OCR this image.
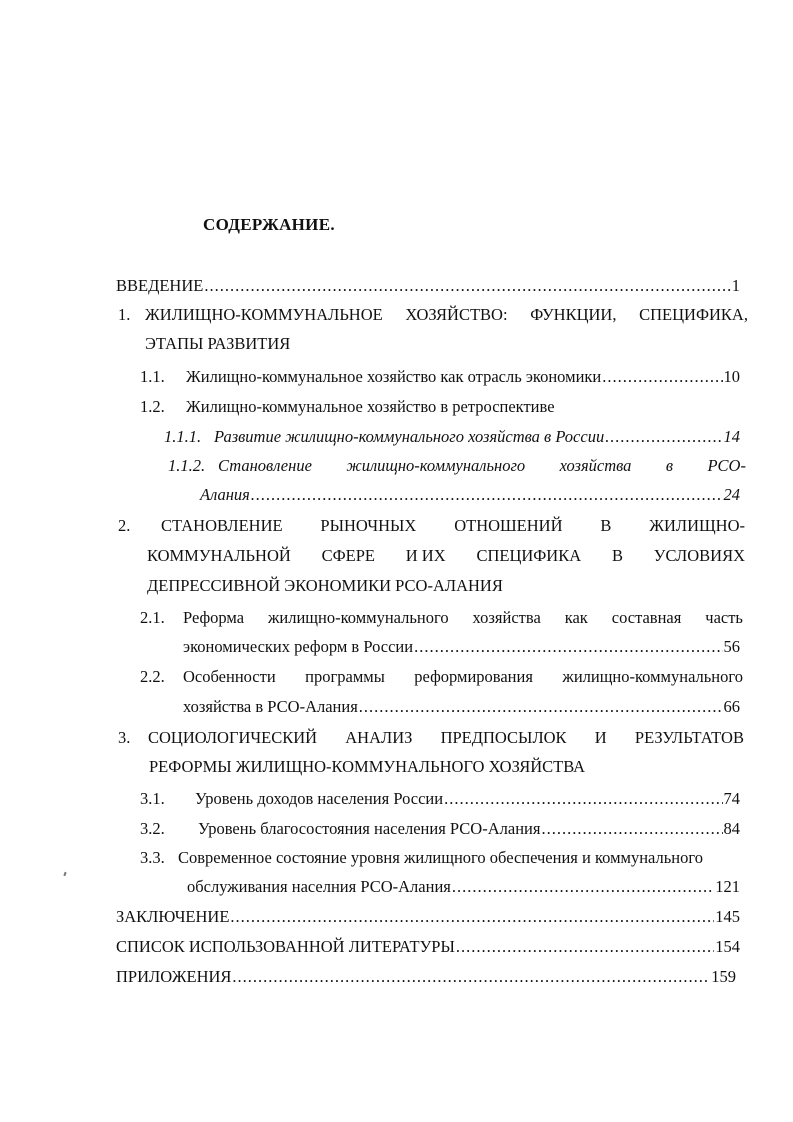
СОДЕРЖАНИЕ.
ВВЕДЕНИЕ .....	1
1. ЖИЛИЩНО-КОММУНАЛЬНОЕ ХОЗЯЙСТВО: ФУНКЦИИ, СПЕЦИФИКА,
ЭТАПЫ РАЗВИТИЯ
1.1.	Жилищно-коммунальное хозяйство как отрасль экономики .....	10
1.2.	Жилищно-коммунальное хозяйство в ретроспективе
1.1.1. Развитие жилищно-коммунального хозяйства в России .....	14
1.1.2. Становление жилищно-коммунального хозяйства в РСО-
Алания .....	24
2.	СТАНОВЛЕНИЕ РЫНОЧНЫХ ОТНОШЕНИЙ В ЖИЛИЩНО-
КОММУНАЛЬНОЙ СФЕРЕ И ИХ СПЕЦИФИКА В УСЛОВИЯХ
ДЕПРЕССИВНОЙ ЭКОНОМИКИ РСО-АЛАНИЯ
2.1.	Реформа жилищно-коммунального хозяйства как составная часть
экономических реформ в России .....	56
2.2.	Особенности программы реформирования жилищно-коммунального
хозяйства в РСО-Алания .....	66
3.	СОЦИОЛОГИЧЕСКИЙ АНАЛИЗ ПРЕДПОСЫЛОК И РЕЗУЛЬТАТОВ
РЕФОРМЫ ЖИЛИЩНО-КОММУНАЛЬНОГО ХОЗЯЙСТВА
3.1.	Уровень доходов населения России .....	74
3.2.	Уровень благосостояния населения РСО-Алания .....	84
3.3. Современное состояние уровня жилищного обеспечения и коммунального
обслуживания населния РСО-Алания .....	121
ЗАКЛЮЧЕНИЕ .....	145
СПИСОК ИСПОЛЬЗОВАННОЙ ЛИТЕРАТУРЫ .....	154
ПРИЛОЖЕНИЯ .....	159
